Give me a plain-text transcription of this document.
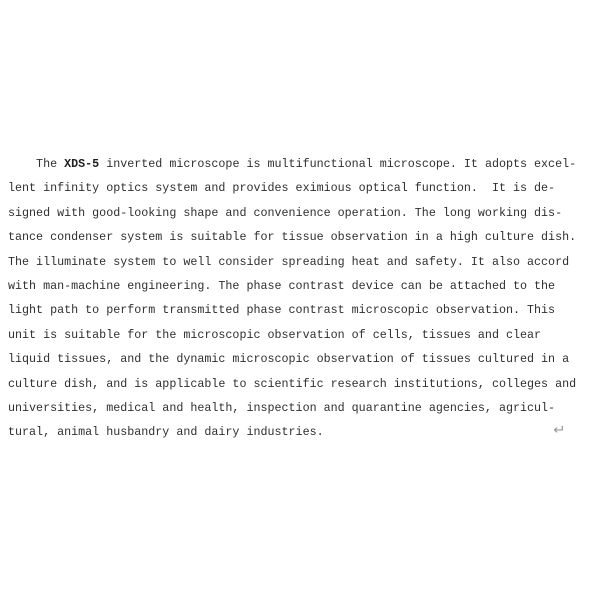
The XDS-5 inverted microscope is multifunctional microscope. It adopts excel-
lent infinity optics system and provides eximious optical function.  It is de-
signed with good-looking shape and convenience operation. The long working dis-
tance condenser system is suitable for tissue observation in a high culture dish.
The illuminate system to well consider spreading heat and safety. It also accord
with man-machine engineering. The phase contrast device can be attached to the
light path to perform transmitted phase contrast microscopic observation. This
unit is suitable for the microscopic observation of cells, tissues and clear
liquid tissues, and the dynamic microscopic observation of tissues cultured in a
culture dish, and is applicable to scientific research institutions, colleges and
universities, medical and health, inspection and quarantine agencies, agricul-
tural, animal husbandry and dairy industries.	↵
